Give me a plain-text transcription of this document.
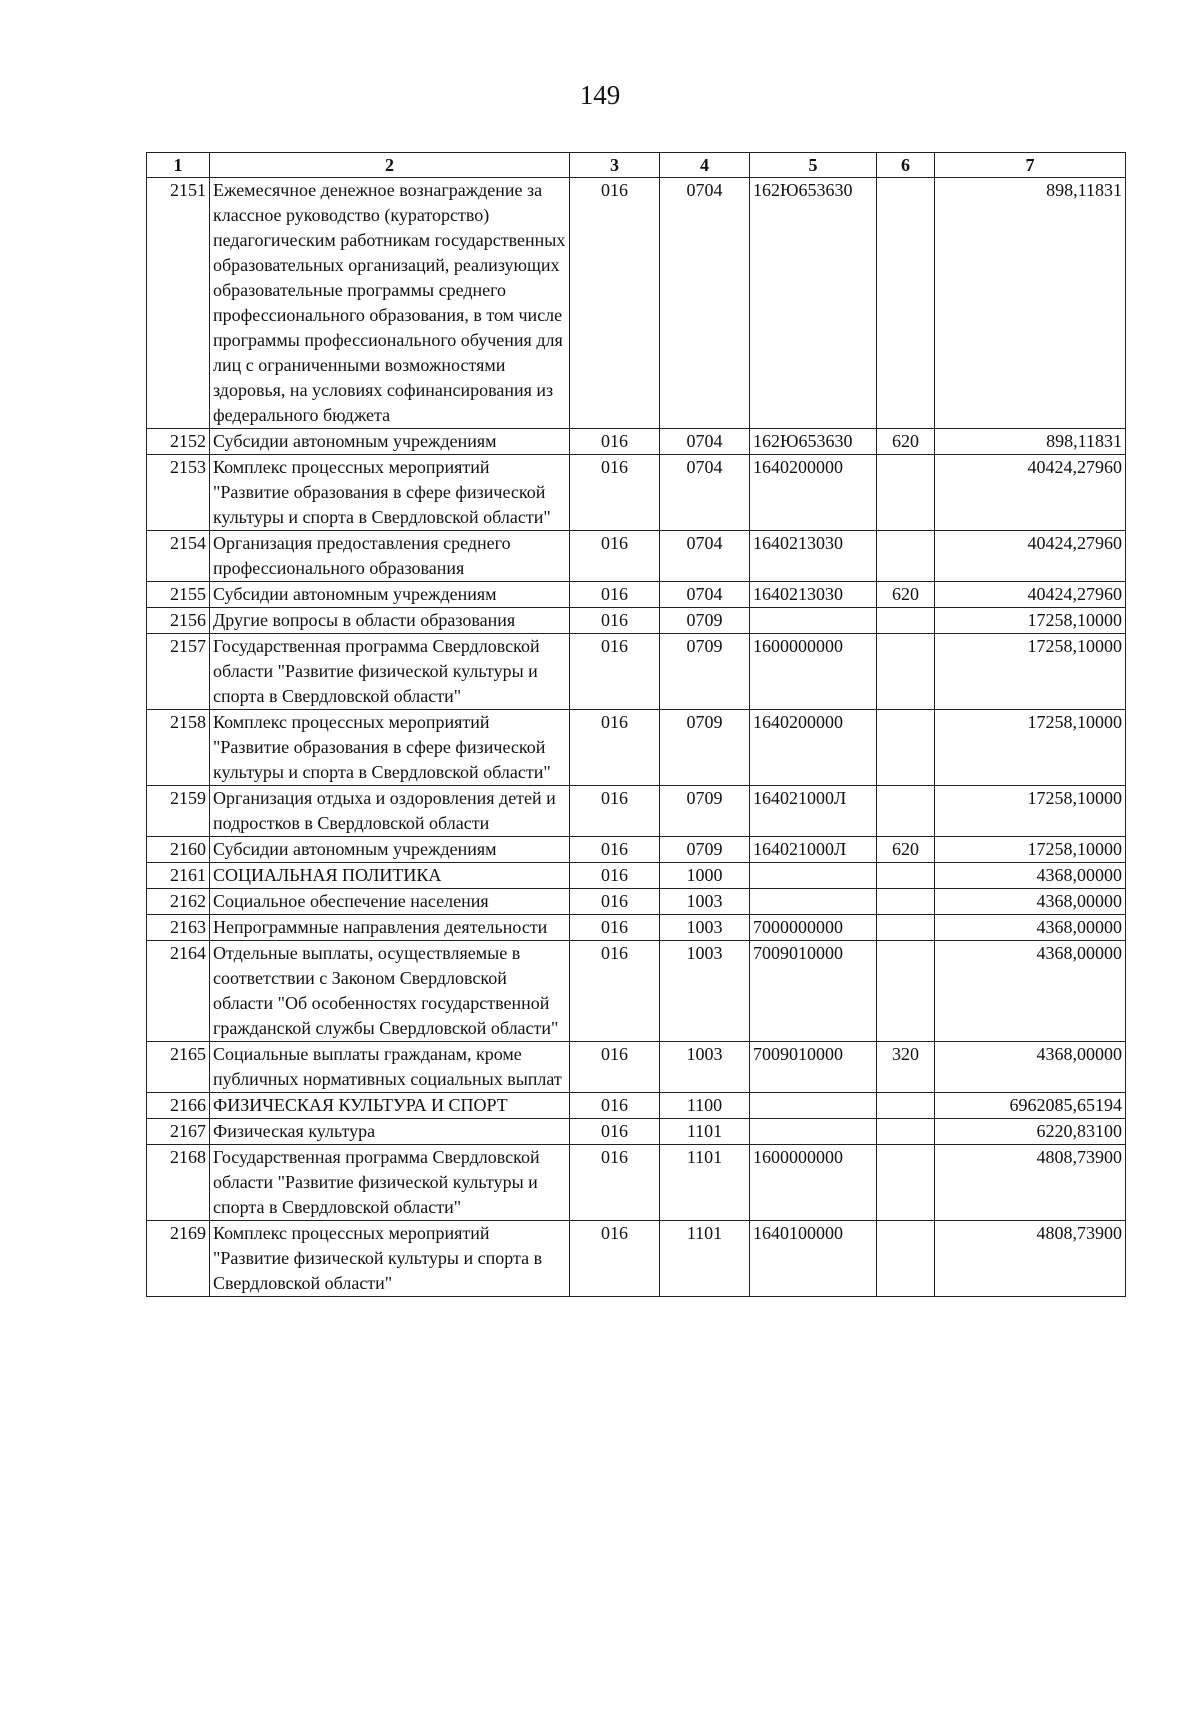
149
1	2	3	4	5	6	7
2151	Ежемесячное денежное вознаграждение за классное руководство (кураторство) педагогическим работникам государственных образовательных организаций, реализующих образовательные программы среднего профессионального образования, в том числе программы профессионального обучения для лиц с ограниченными возможностями здоровья, на условиях софинансирования из федерального бюджета	016	0704	162Ю653630		898,11831
2152	Субсидии автономным учреждениям	016	0704	162Ю653630	620	898,11831
2153	Комплекс процессных мероприятий "Развитие образования в сфере физической культуры и спорта в Свердловской области"	016	0704	1640200000		40424,27960
2154	Организация предоставления среднего профессионального образования	016	0704	1640213030		40424,27960
2155	Субсидии автономным учреждениям	016	0704	1640213030	620	40424,27960
2156	Другие вопросы в области образования	016	0709			17258,10000
2157	Государственная программа Свердловской области "Развитие физической культуры и спорта в Свердловской области"	016	0709	1600000000		17258,10000
2158	Комплекс процессных мероприятий "Развитие образования в сфере физической культуры и спорта в Свердловской области"	016	0709	1640200000		17258,10000
2159	Организация отдыха и оздоровления детей и подростков в Свердловской области	016	0709	164021000Л		17258,10000
2160	Субсидии автономным учреждениям	016	0709	164021000Л	620	17258,10000
2161	СОЦИАЛЬНАЯ ПОЛИТИКА	016	1000			4368,00000
2162	Социальное обеспечение населения	016	1003			4368,00000
2163	Непрограммные направления деятельности	016	1003	7000000000		4368,00000
2164	Отдельные выплаты, осуществляемые в соответствии с Законом Свердловской области "Об особенностях государственной гражданской службы Свердловской области"	016	1003	7009010000		4368,00000
2165	Социальные выплаты гражданам, кроме публичных нормативных социальных выплат	016	1003	7009010000	320	4368,00000
2166	ФИЗИЧЕСКАЯ КУЛЬТУРА И СПОРТ	016	1100			6962085,65194
2167	Физическая культура	016	1101			6220,83100
2168	Государственная программа Свердловской области "Развитие физической культуры и спорта в Свердловской области"	016	1101	1600000000		4808,73900
2169	Комплекс процессных мероприятий "Развитие физической культуры и спорта в Свердловской области"	016	1101	1640100000		4808,73900
